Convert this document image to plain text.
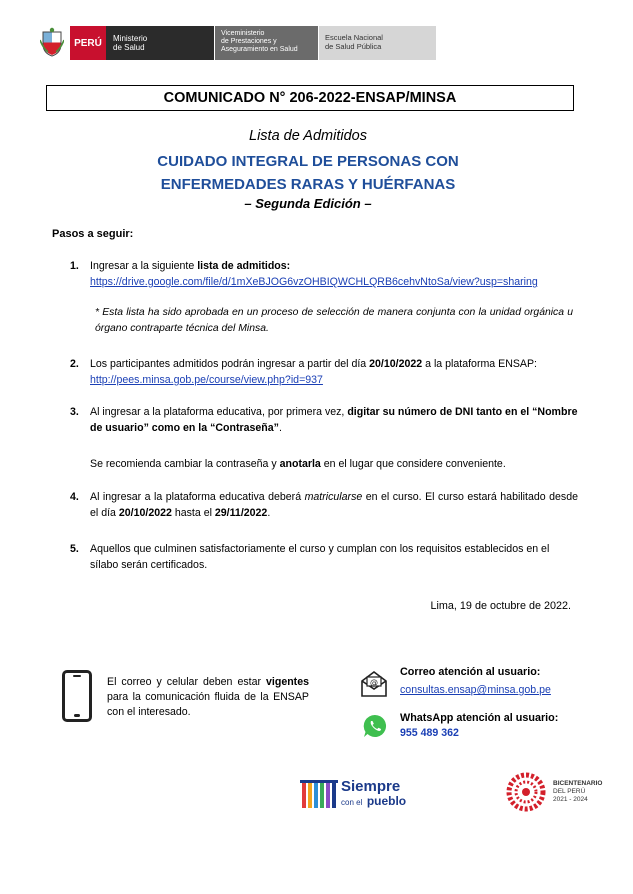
PERÚ	Ministerio
de Salud
Viceministerio
de Prestaciones y
Aseguramiento en Salud
Escuela Nacional
de Salud Pública
COMUNICADO N° 206-2022-ENSAP/MINSA
Lista de Admitidos
CUIDADO INTEGRAL DE PERSONAS CON
ENFERMEDADES RARAS Y HUÉRFANAS
– Segunda Edición –
Pasos a seguir:
1. Ingresar a la siguiente lista de admitidos:
https://drive.google.com/file/d/1mXeBJOG6vzOHBIQWCHLQRB6cehvNtoSa/view?usp=sharing
* Esta lista ha sido aprobada en un proceso de selección de manera conjunta con la unidad orgánica u órgano contraparte técnica del Minsa.
2. Los participantes admitidos podrán ingresar a partir del día 20/10/2022 a la plataforma ENSAP:
http://pees.minsa.gob.pe/course/view.php?id=937
3. Al ingresar a la plataforma educativa, por primera vez, digitar su número de DNI tanto en el “Nombre de usuario” como en la “Contraseña”.
Se recomienda cambiar la contraseña y anotarla en el lugar que considere conveniente.
4. Al ingresar a la plataforma educativa deberá matricularse en el curso. El curso estará habilitado desde el día 20/10/2022 hasta el 29/11/2022.
5. Aquellos que culminen satisfactoriamente el curso y cumplan con los requisitos establecidos en el sílabo serán certificados.
Lima, 19 de octubre de 2022.
El correo y celular deben estar vigentes para la comunicación fluida de la ENSAP con el interesado.
@
Correo atención al usuario:
consultas.ensap@minsa.gob.pe
WhatsApp atención al usuario:
955 489 362
Siempre
con el pueblo
BICENTENARIO
DEL PERÚ
2021 - 2024
